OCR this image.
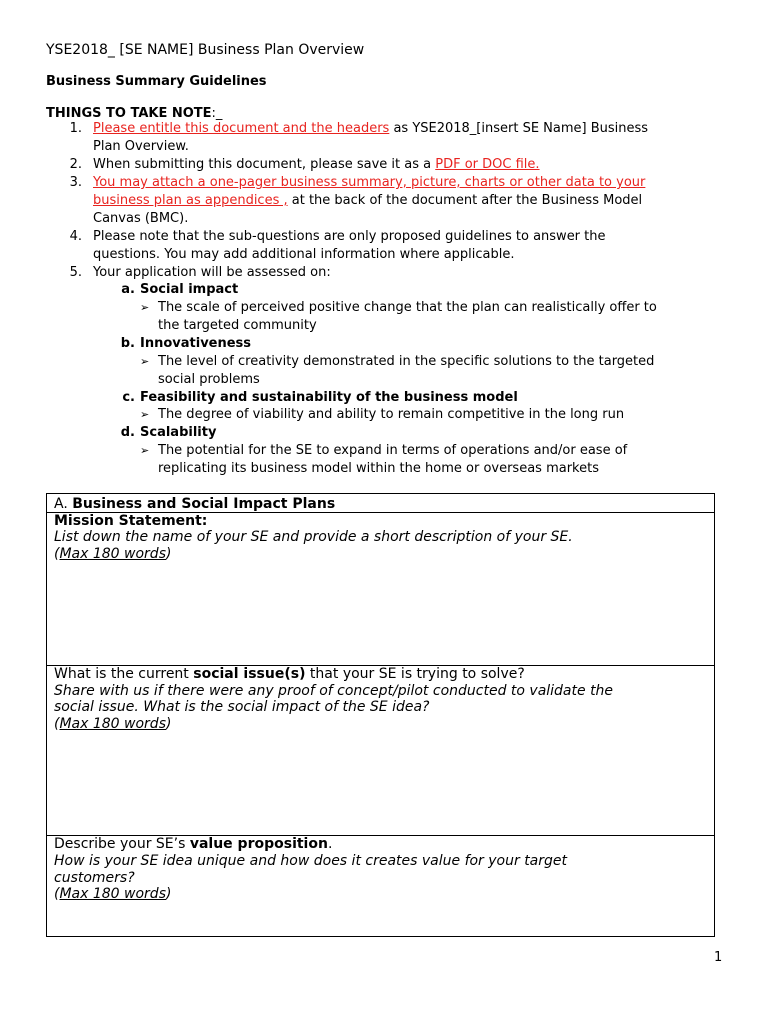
YSE2018_ [SE NAME] Business Plan Overview
Business Summary Guidelines
THINGS TO TAKE NOTE:_
1. Please entitle this document and the headers as YSE2018_[insert SE Name] Business
Plan Overview.
2. When submitting this document, please save it as a PDF or DOC file.
3. You may attach a one-pager business summary, picture, charts or other data to your
business plan as appendices , at the back of the document after the Business Model
Canvas (BMC).
4. Please note that the sub-questions are only proposed guidelines to answer the
questions. You may add additional information where applicable.
5. Your application will be assessed on:
a. Social impact
➢ The scale of perceived positive change that the plan can realistically offer to
the targeted community
b. Innovativeness
➢ The level of creativity demonstrated in the specific solutions to the targeted
social problems
c. Feasibility and sustainability of the business model
➢ The degree of viability and ability to remain competitive in the long run
d. Scalability
➢ The potential for the SE to expand in terms of operations and/or ease of
replicating its business model within the home or overseas markets
A. Business and Social Impact Plans
Mission Statement:
List down the name of your SE and provide a short description of your SE.
(Max 180 words)
What is the current social issue(s) that your SE is trying to solve?
Share with us if there were any proof of concept/pilot conducted to validate the
social issue. What is the social impact of the SE idea?
(Max 180 words)
Describe your SE’s value proposition.
How is your SE idea unique and how does it creates value for your target
customers?
(Max 180 words)
1
